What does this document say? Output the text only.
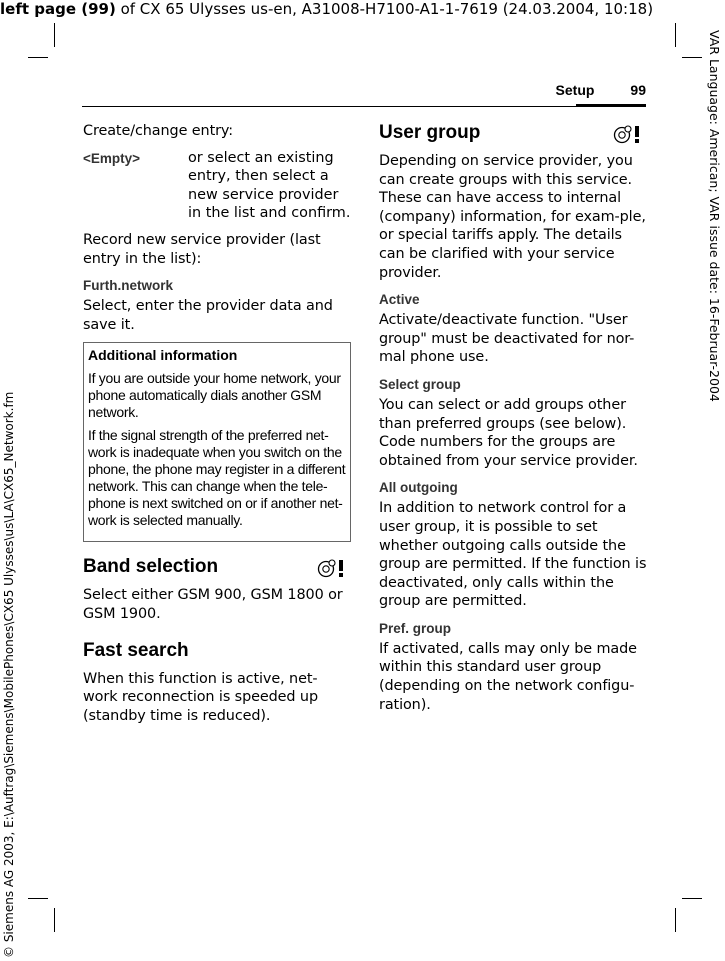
left page (99) of CX 65 Ulysses us-en, A31008-H7100-A1-1-7619 (24.03.2004, 10:18)
VAR Language: American; VAR issue date: 16-Februar-2004
© Siemens AG 2003, E:\Auftrag\Siemens\MobilePhones\CX65 Ulysses\us\LA\CX65_Network.fm
Setup	99

Create/change entry:

<Empty>	or select an existing entry, then select a new service provider in the list and confirm.

Record new service provider (last entry in the list):

Furth.network

Select, enter the provider data and save it.

Additional information

If you are outside your home network, your phone automatically dials another GSM network.

If the signal strength of the preferred net-work is inadequate when you switch on the phone, the phone may register in a different network. This can change when the tele-phone is next switched on or if another net-work is selected manually.

Band selection

Select either GSM 900, GSM 1800 or GSM 1900.

Fast search

When this function is active, net-work reconnection is speeded up (standby time is reduced).

User group

Depending on service provider, you can create groups with this service. These can have access to internal (company) information, for exam-ple, or special tariffs apply. The details can be clarified with your service provider.

Active

Activate/deactivate function. "User group" must be deactivated for nor-mal phone use.

Select group

You can select or add groups other than preferred groups (see below). Code numbers for the groups are obtained from your service provider.

All outgoing

In addition to network control for a user group, it is possible to set whether outgoing calls outside the group are permitted. If the function is deactivated, only calls within the group are permitted.

Pref. group

If activated, calls may only be made within this standard user group (depending on the network configu-ration).
